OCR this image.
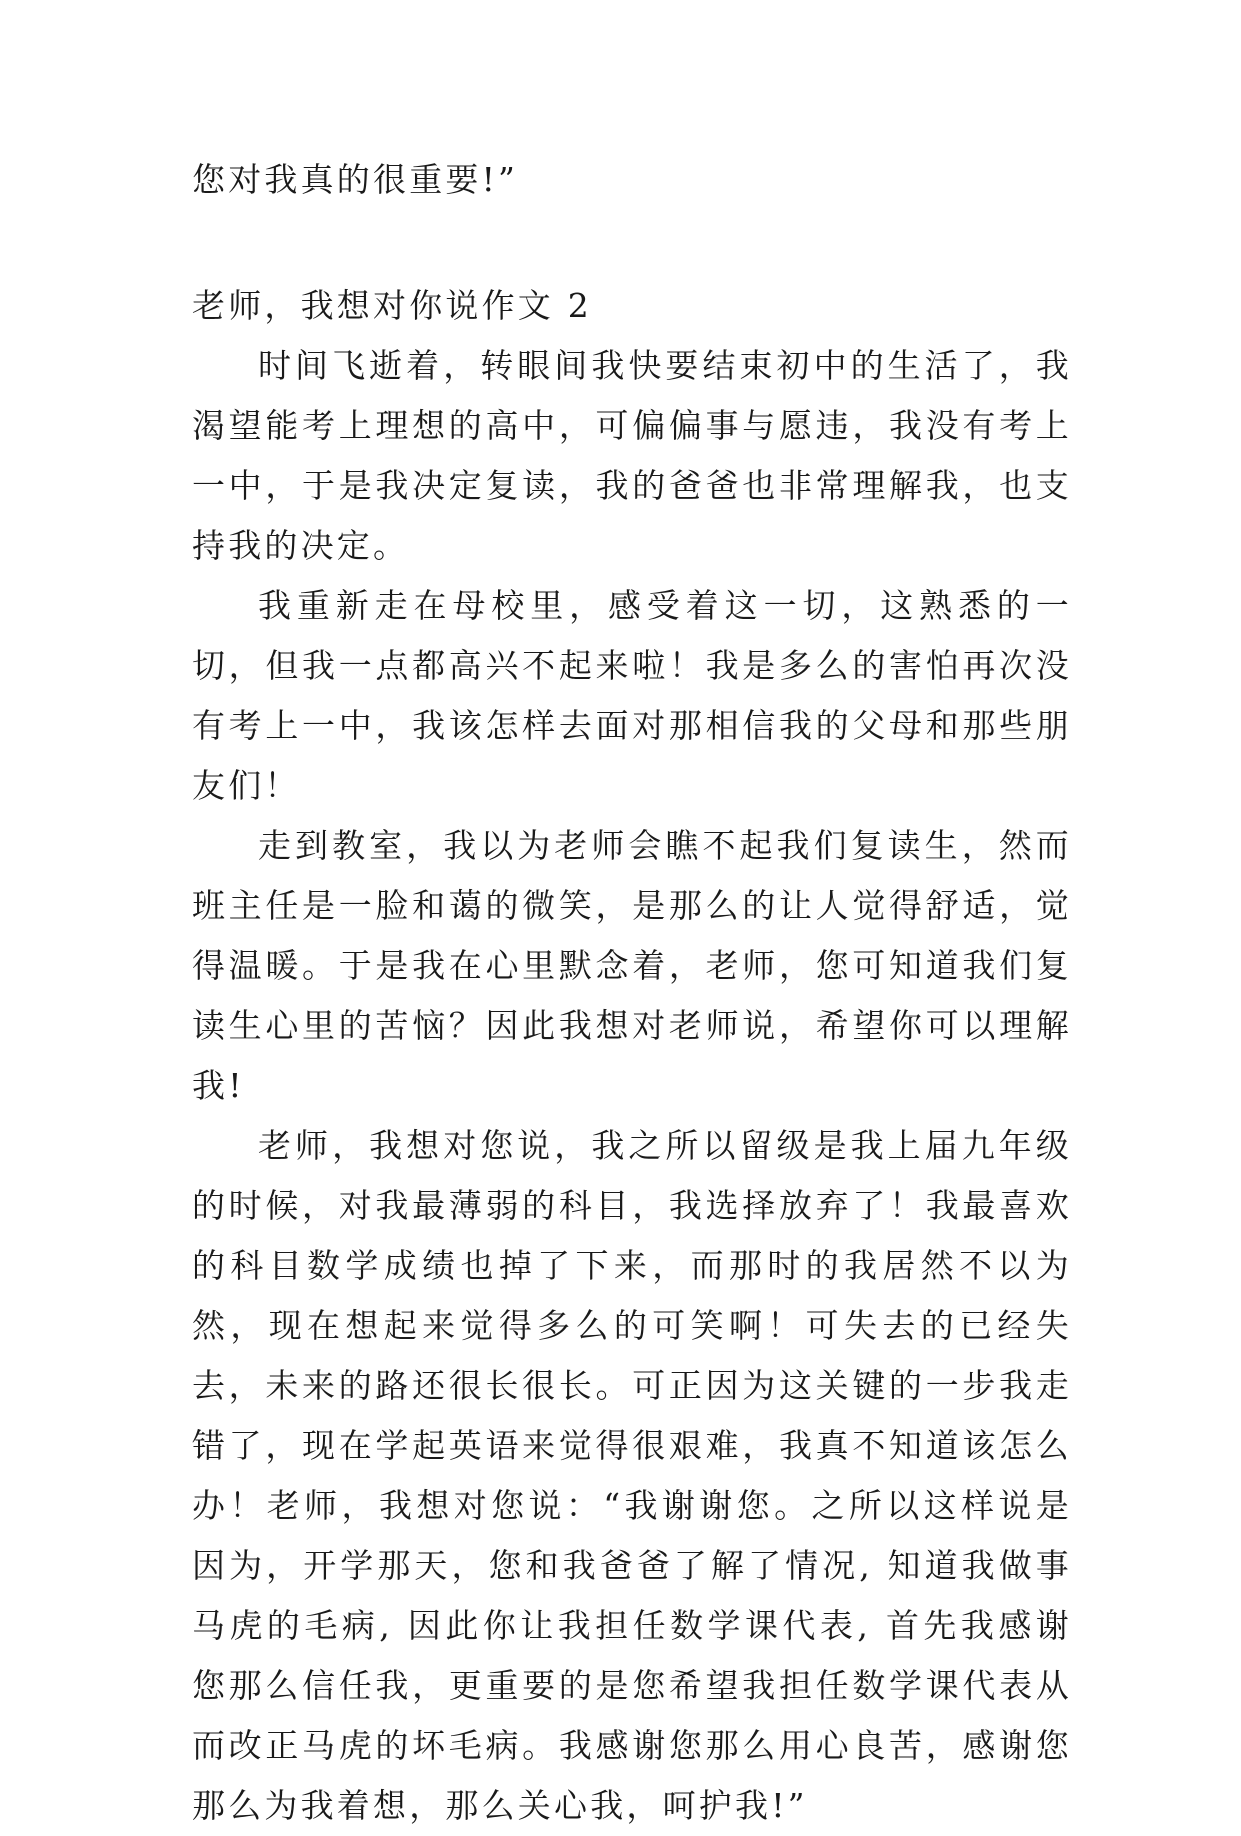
您对我真的很重要!”

老师，我想对你说作文 2

时间飞逝着，转眼间我快要结束初中的生活了，我渴望能考上理想的高中，可偏偏事与愿违，我没有考上一中，于是我决定复读，我的爸爸也非常理解我，也支持我的决定。

我重新走在母校里，感受着这一切，这熟悉的一切，但我一点都高兴不起来啦！我是多么的害怕再次没有考上一中，我该怎样去面对那相信我的父母和那些朋友们！

走到教室，我以为老师会瞧不起我们复读生，然而班主任是一脸和蔼的微笑，是那么的让人觉得舒适，觉得温暖。于是我在心里默念着，老师，您可知道我们复读生心里的苦恼？因此我想对老师说，希望你可以理解我!

老师，我想对您说，我之所以留级是我上届九年级的时候，对我最薄弱的科目，我选择放弃了！我最喜欢的科目数学成绩也掉了下来，而那时的我居然不以为然，现在想起来觉得多么的可笑啊！可失去的已经失去，未来的路还很长很长。可正因为这关键的一步我走错了，现在学起英语来觉得很艰难，我真不知道该怎么办！老师，我想对您说：“我谢谢您。之所以这样说是因为，开学那天，您和我爸爸了解了情况, 知道我做事马虎的毛病, 因此你让我担任数学课代表, 首先我感谢您那么信任我，更重要的是您希望我担任数学课代表从而改正马虎的坏毛病。我感谢您那么用心良苦，感谢您那么为我着想，那么关心我，呵护我!”
